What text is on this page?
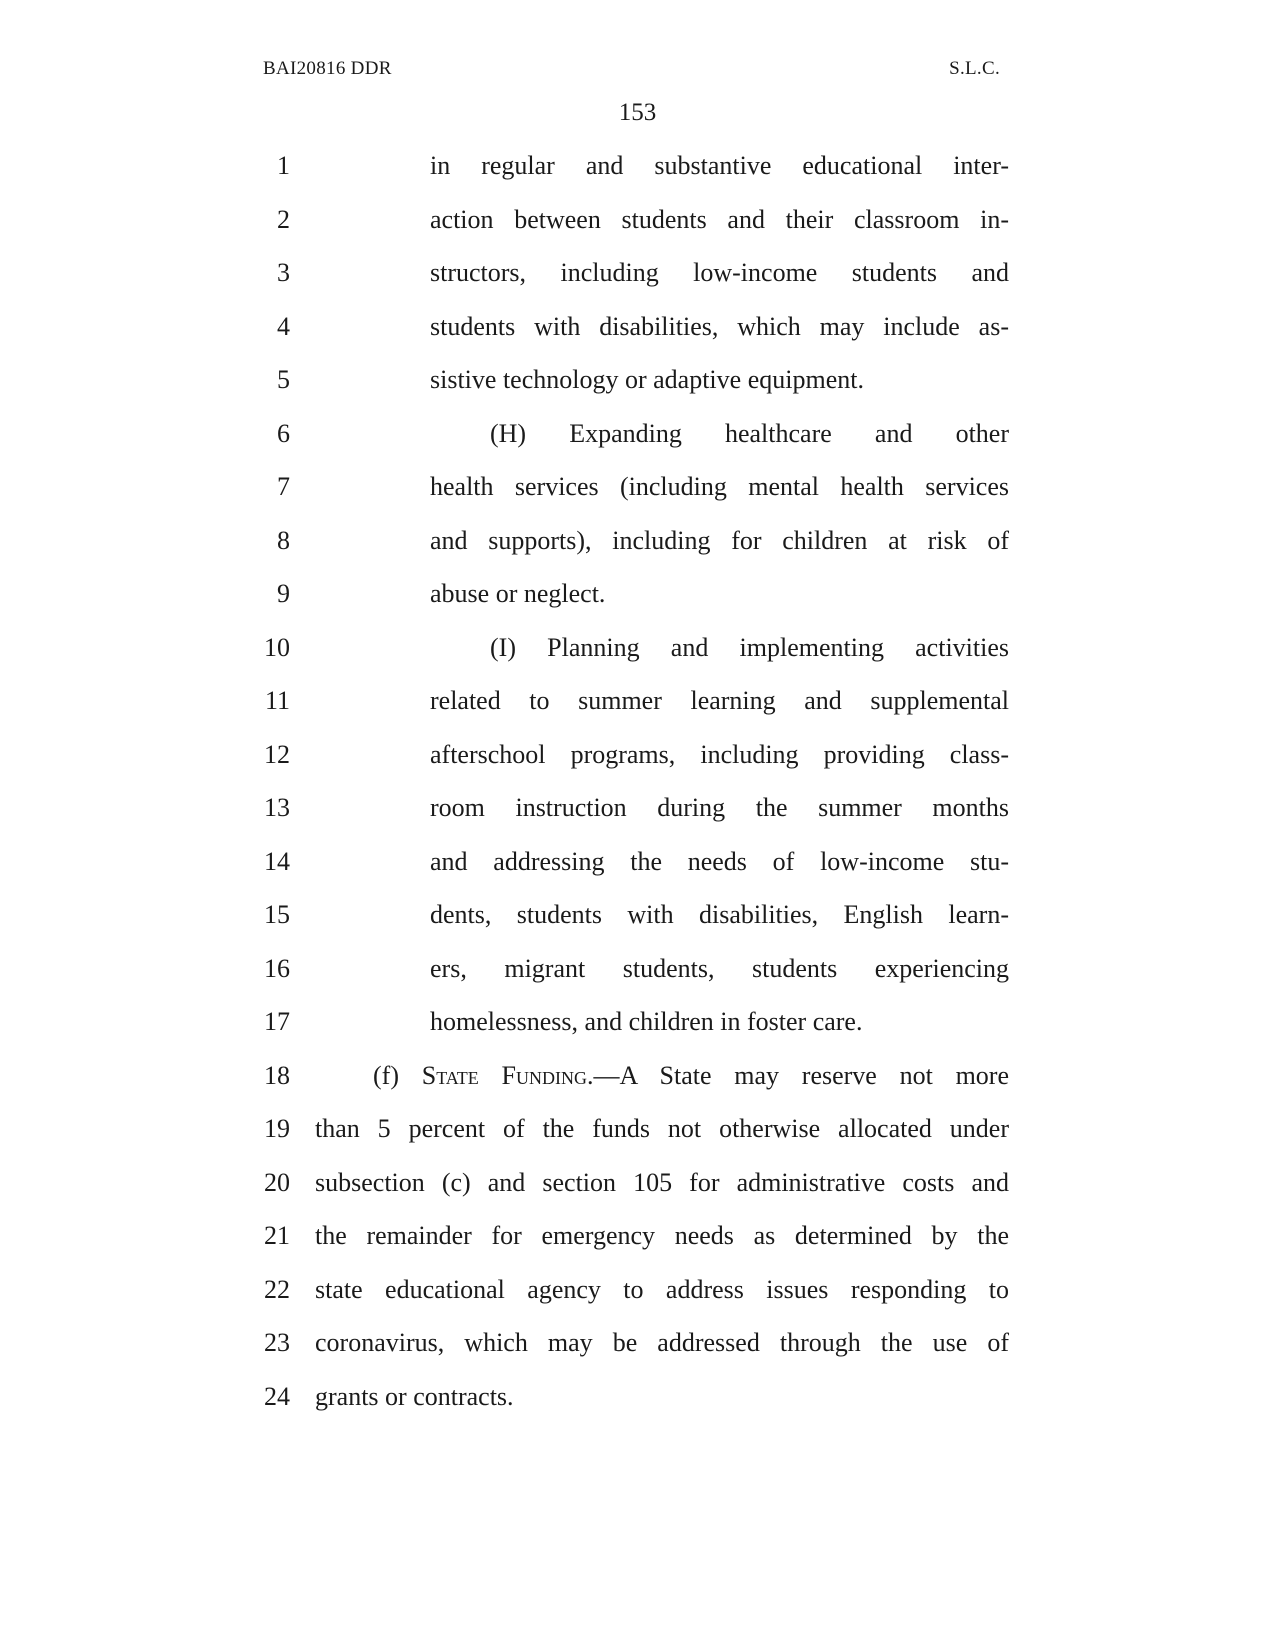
BAI20816 DDR	S.L.C.
153
1	in regular and substantive educational inter-
2	action between students and their classroom in-
3	structors, including low-income students and
4	students with disabilities, which may include as-
5	sistive technology or adaptive equipment.
6	(H) Expanding healthcare and other
7	health services (including mental health services
8	and supports), including for children at risk of
9	abuse or neglect.
10	(I) Planning and implementing activities
11	related to summer learning and supplemental
12	afterschool programs, including providing class-
13	room instruction during the summer months
14	and addressing the needs of low-income stu-
15	dents, students with disabilities, English learn-
16	ers, migrant students, students experiencing
17	homelessness, and children in foster care.
18	(f) State Funding.—A State may reserve not more
19 than 5 percent of the funds not otherwise allocated under
20 subsection (c) and section 105 for administrative costs and
21 the remainder for emergency needs as determined by the
22 state educational agency to address issues responding to
23 coronavirus, which may be addressed through the use of
24 grants or contracts.
